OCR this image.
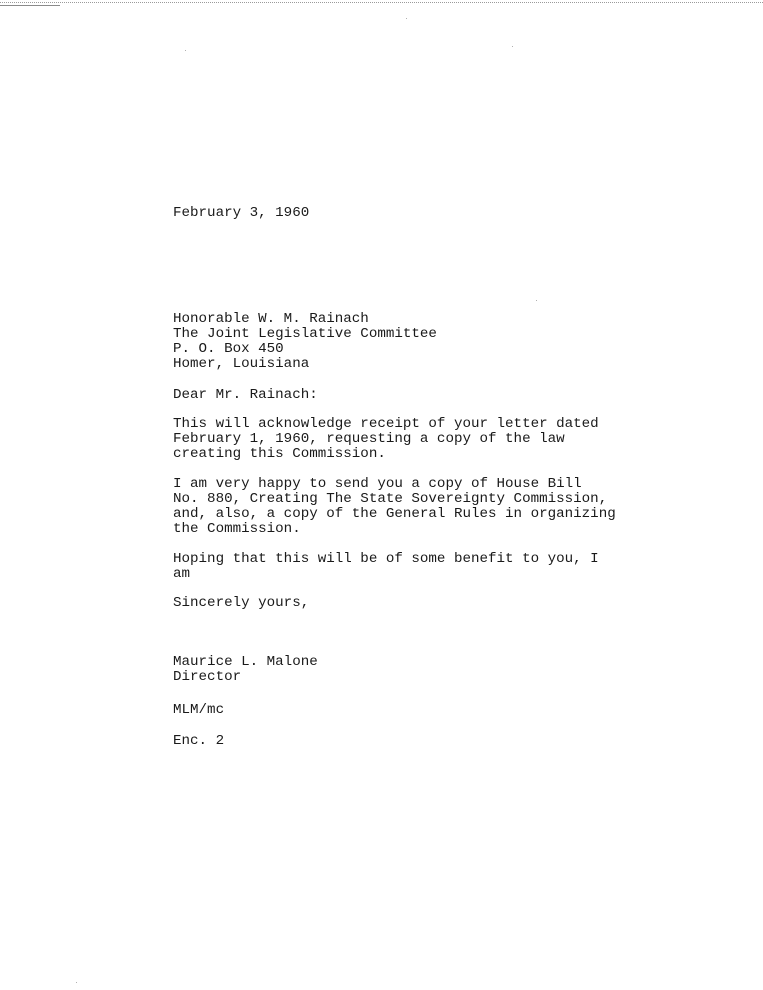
February 3, 1960
Honorable W. M. Rainach
The Joint Legislative Committee
P. O. Box 450
Homer, Louisiana
Dear Mr. Rainach:
This will acknowledge receipt of your letter dated
February 1, 1960, requesting a copy of the law
creating this Commission.
I am very happy to send you a copy of House Bill
No. 880, Creating The State Sovereignty Commission,
and, also, a copy of the General Rules in organizing
the Commission.
Hoping that this will be of some benefit to you, I
am
Sincerely yours,
Maurice L. Malone
Director
MLM/mc
Enc. 2
